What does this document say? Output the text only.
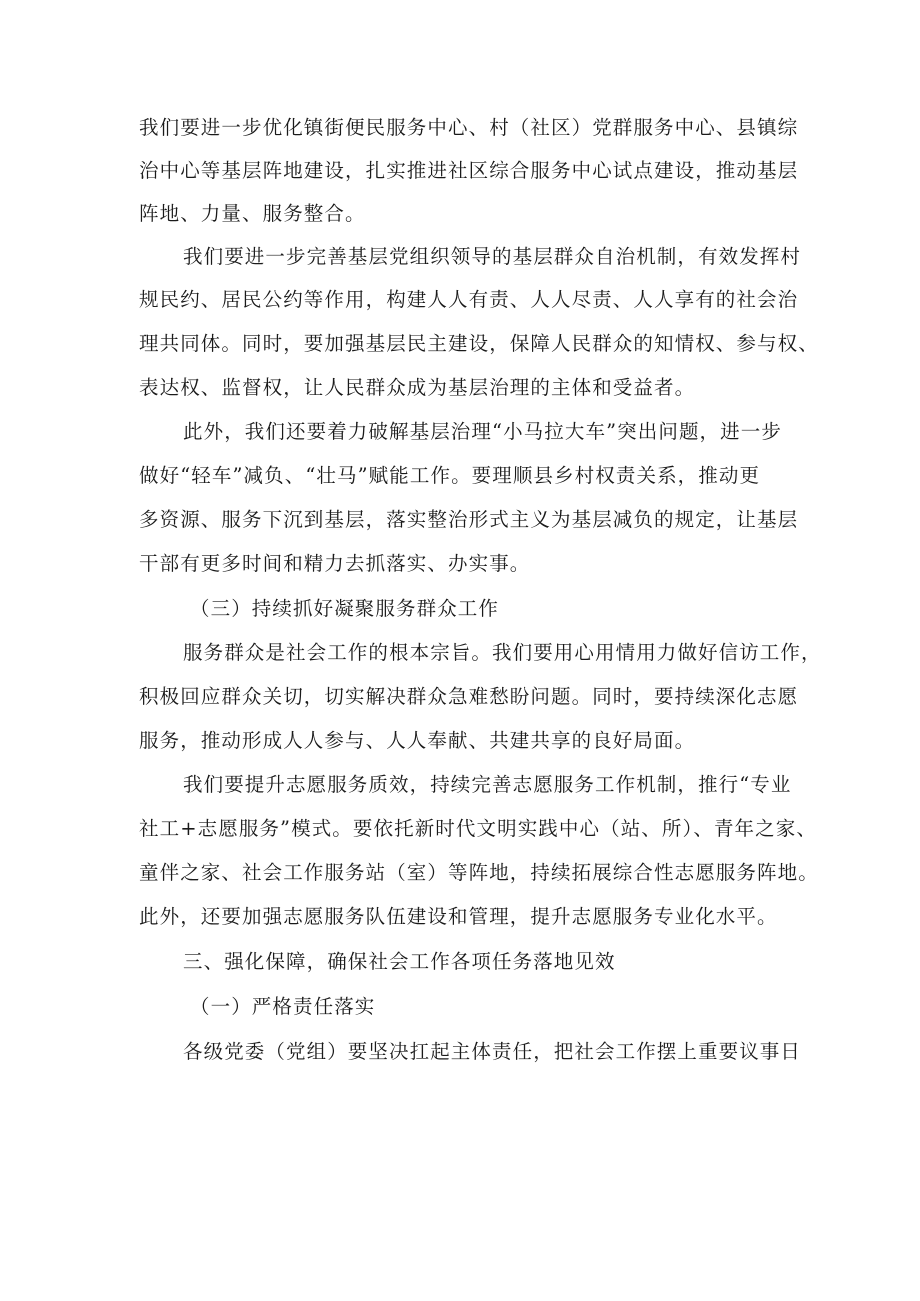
我们要进一步优化镇街便民服务中心、村（社区）党群服务中心、县镇综
治中心等基层阵地建设，扎实推进社区综合服务中心试点建设，推动基层
阵地、力量、服务整合。
我们要进一步完善基层党组织领导的基层群众自治机制，有效发挥村
规民约、居民公约等作用，构建人人有责、人人尽责、人人享有的社会治
理共同体。同时，要加强基层民主建设，保障人民群众的知情权、参与权、
表达权、监督权，让人民群众成为基层治理的主体和受益者。
此外，我们还要着力破解基层治理“小马拉大车”突出问题，进一步
做好“轻车”减负、“壮马”赋能工作。要理顺县乡村权责关系，推动更
多资源、服务下沉到基层，落实整治形式主义为基层减负的规定，让基层
干部有更多时间和精力去抓落实、办实事。
（三）持续抓好凝聚服务群众工作
服务群众是社会工作的根本宗旨。我们要用心用情用力做好信访工作，
积极回应群众关切，切实解决群众急难愁盼问题。同时，要持续深化志愿
服务，推动形成人人参与、人人奉献、共建共享的良好局面。
我们要提升志愿服务质效，持续完善志愿服务工作机制，推行“专业
社工+志愿服务”模式。要依托新时代文明实践中心（站、所）、青年之家、
童伴之家、社会工作服务站（室）等阵地，持续拓展综合性志愿服务阵地。
此外，还要加强志愿服务队伍建设和管理，提升志愿服务专业化水平。
三、强化保障，确保社会工作各项任务落地见效
（一）严格责任落实
各级党委（党组）要坚决扛起主体责任，把社会工作摆上重要议事日
